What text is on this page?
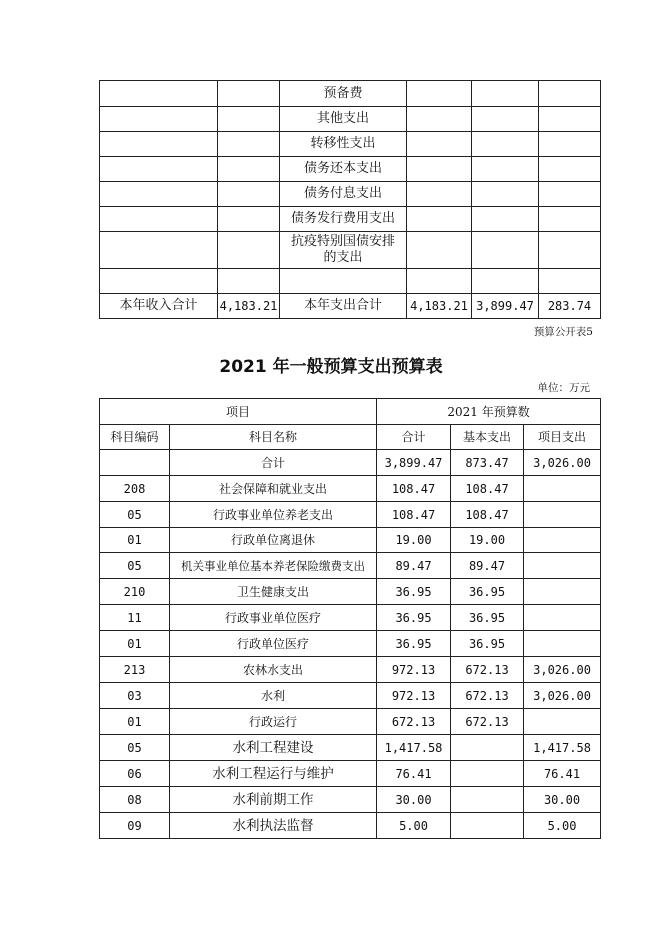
		预备费			
		其他支出			
		转移性支出			
		债务还本支出			
		债务付息支出			
		债务发行费用支出			
		抗疫特别国债安排的支出			

本年收入合计	4,183.21	本年支出合计	4,183.21	3,899.47	283.74
预算公开表5
2021 年一般预算支出预算表
单位：万元
项目		2021 年预算数		
科目编码	科目名称	合计	基本支出	项目支出
	合计	3,899.47	873.47	3,026.00
208	社会保障和就业支出	108.47	108.47	
05	行政事业单位养老支出	108.47	108.47	
01	行政单位离退休	19.00	19.00	
05	机关事业单位基本养老保险缴费支出	89.47	89.47	
210	卫生健康支出	36.95	36.95	
11	行政事业单位医疗	36.95	36.95	
01	行政单位医疗	36.95	36.95	
213	农林水支出	972.13	672.13	3,026.00
03	水利	972.13	672.13	3,026.00
01	行政运行	672.13	672.13	
05	水利工程建设	1,417.58		1,417.58
06	水利工程运行与维护	76.41		76.41
08	水利前期工作	30.00		30.00
09	水利执法监督	5.00		5.00
